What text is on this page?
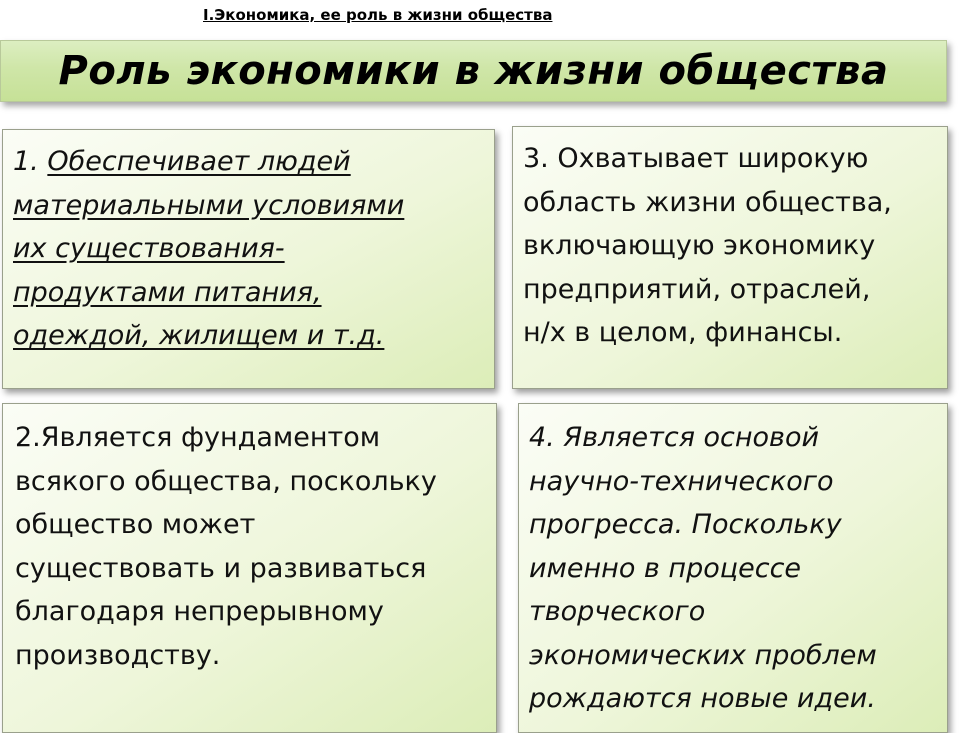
I.Экономика, ее роль в жизни общества
Роль экономики в жизни общества
1. Обеспечивает людей
материальными условиями
их существования-
продуктами питания,
одеждой, жилищем и т.д.
3. Охватывает широкую
область жизни общества,
включающую экономику
предприятий, отраслей,
н/х в целом, финансы.
2.Является фундаментом
всякого общества, поскольку
общество может
существовать и развиваться
благодаря непрерывному
производству.
4. Является основой
научно-технического
прогресса. Поскольку
именно в процессе
творческого
экономических проблем
рождаются новые идеи.
